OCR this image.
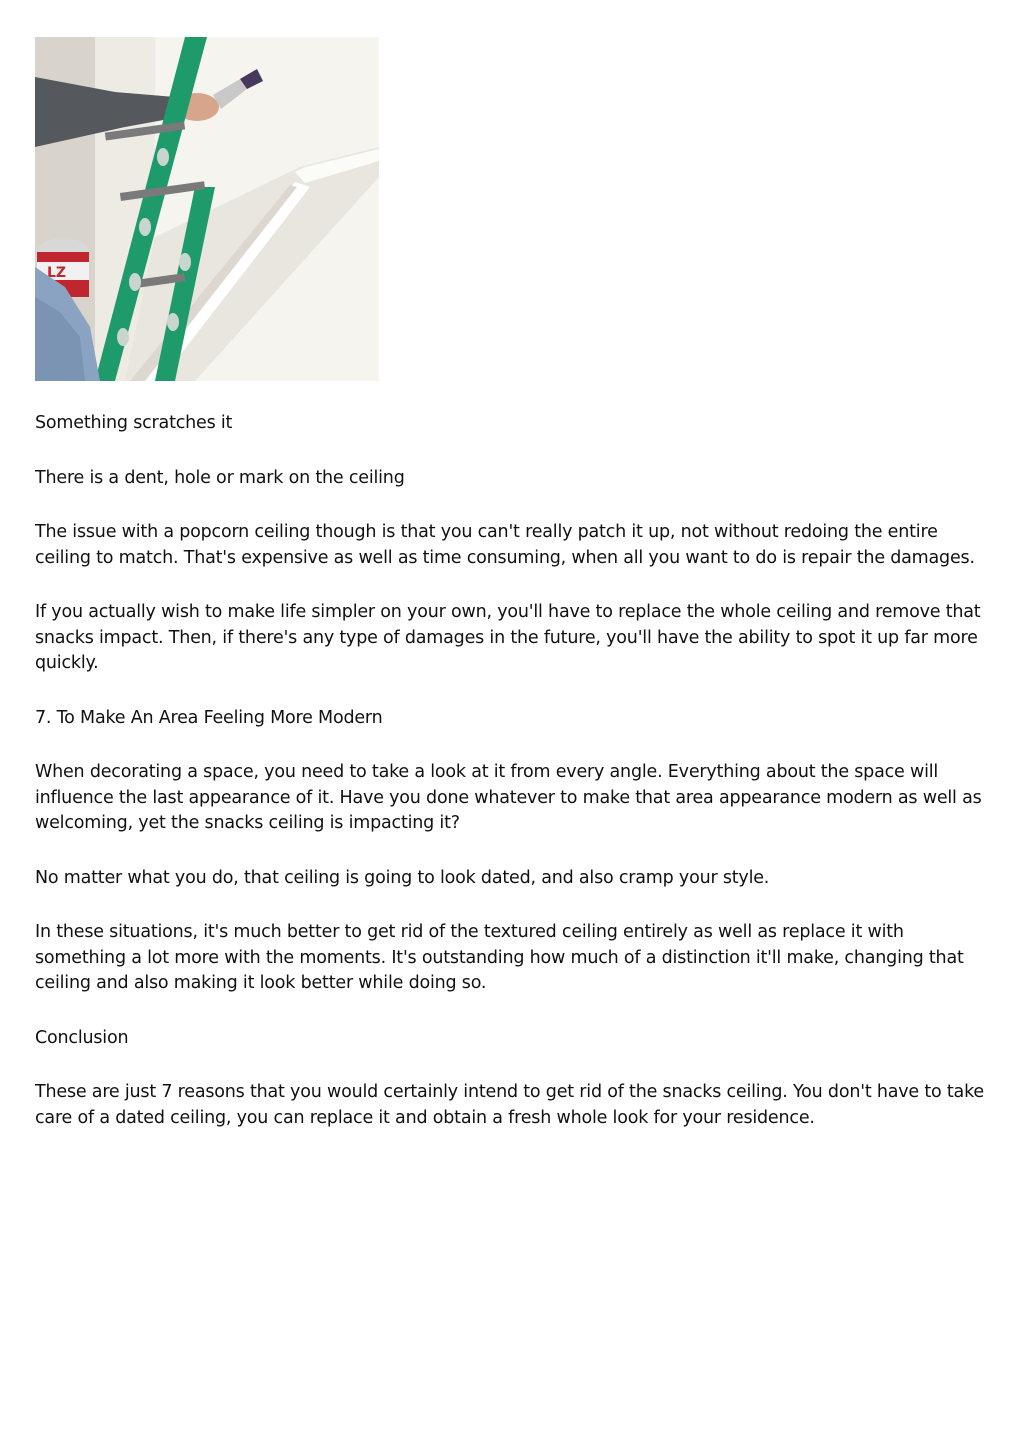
LZ

Something scratches it

There is a dent, hole or mark on the ceiling

The issue with a popcorn ceiling though is that you can't really patch it up, not without redoing the entire ceiling to match. That's expensive as well as time consuming, when all you want to do is repair the damages.

If you actually wish to make life simpler on your own, you'll have to replace the whole ceiling and remove that snacks impact. Then, if there's any type of damages in the future, you'll have the ability to spot it up far more quickly.

7. To Make An Area Feeling More Modern

When decorating a space, you need to take a look at it from every angle. Everything about the space will influence the last appearance of it. Have you done whatever to make that area appearance modern as well as welcoming, yet the snacks ceiling is impacting it?

No matter what you do, that ceiling is going to look dated, and also cramp your style.

In these situations, it's much better to get rid of the textured ceiling entirely as well as replace it with something a lot more with the moments. It's outstanding how much of a distinction it'll make, changing that ceiling and also making it look better while doing so.

Conclusion

These are just 7 reasons that you would certainly intend to get rid of the snacks ceiling. You don't have to take care of a dated ceiling, you can replace it and obtain a fresh whole look for your residence.
